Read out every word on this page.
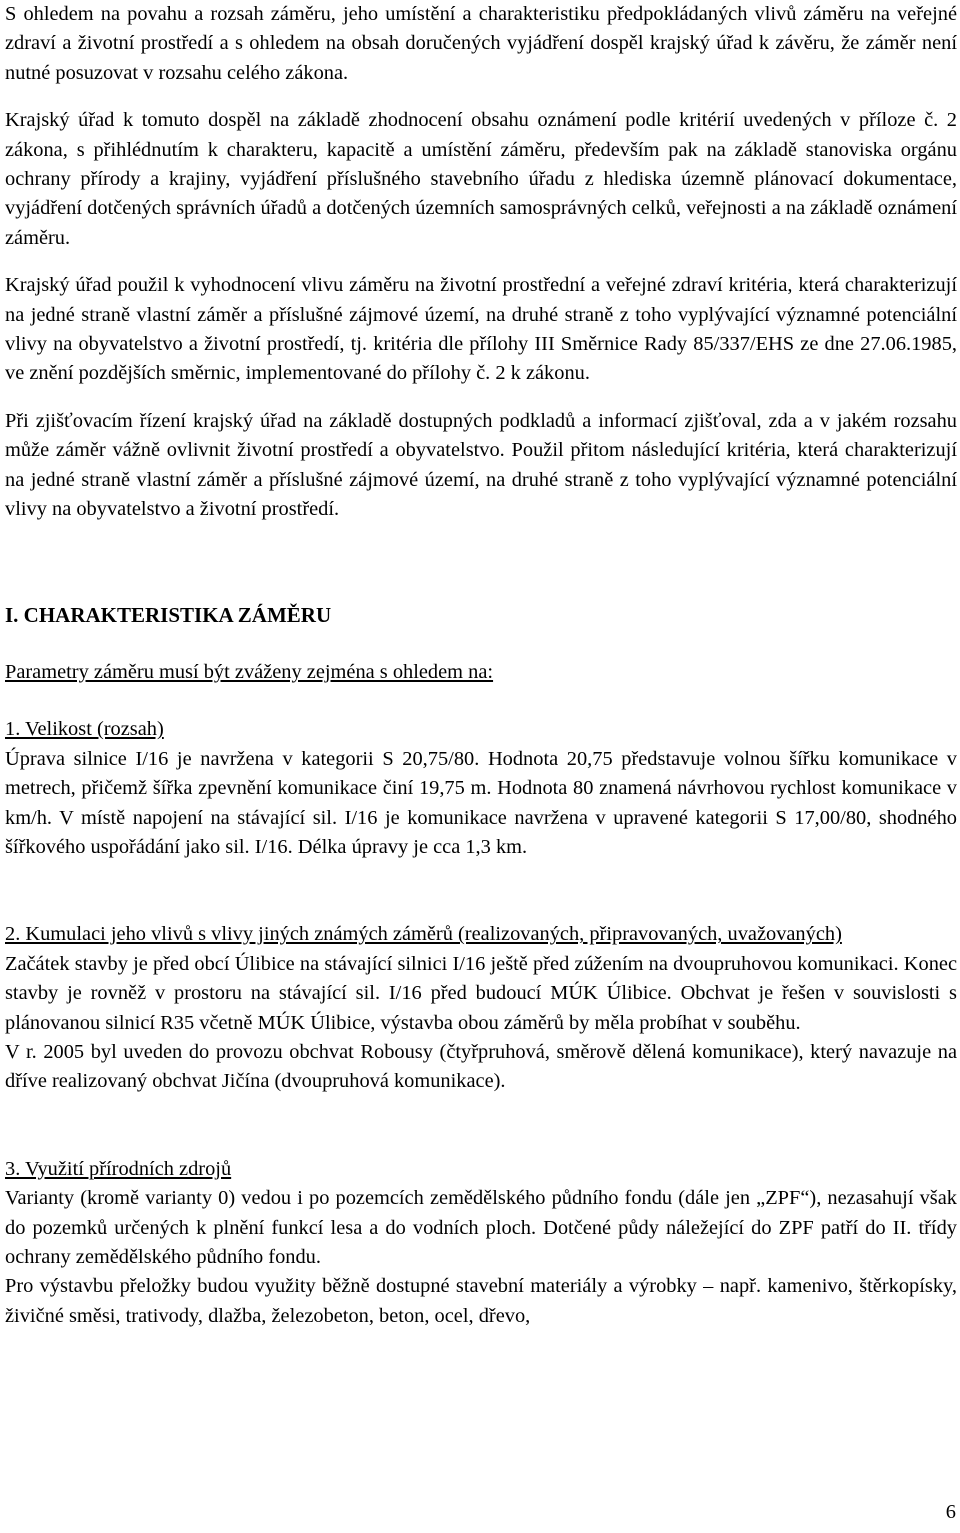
S ohledem na povahu a rozsah záměru, jeho umístění a charakteristiku předpokládaných vlivů záměru na veřejné zdraví a životní prostředí a s ohledem na obsah doručených vyjádření dospěl krajský úřad k závěru, že záměr není nutné posuzovat v rozsahu celého zákona.

Krajský úřad k tomuto dospěl na základě zhodnocení obsahu oznámení podle kritérií uvedených v příloze č. 2 zákona, s přihlédnutím k charakteru, kapacitě a umístění záměru, především pak na základě stanoviska orgánu ochrany přírody a krajiny, vyjádření příslušného stavebního úřadu z hlediska územně plánovací dokumentace, vyjádření dotčených správních úřadů a dotčených územních samosprávných celků, veřejnosti a na základě oznámení záměru.

Krajský úřad použil k vyhodnocení vlivu záměru na životní prostřední a veřejné zdraví kritéria, která charakterizují na jedné straně vlastní záměr a příslušné zájmové území, na druhé straně z toho vyplývající významné potenciální vlivy na obyvatelstvo a životní prostředí, tj. kritéria dle přílohy III Směrnice Rady 85/337/EHS ze dne 27.06.1985, ve znění pozdějších směrnic, implementované do přílohy č. 2 k zákonu.

Při zjišťovacím řízení krajský úřad na základě dostupných podkladů a informací zjišťoval, zda a v jakém rozsahu může záměr vážně ovlivnit životní prostředí a obyvatelstvo. Použil přitom následující kritéria, která charakterizují na jedné straně vlastní záměr a příslušné zájmové území, na druhé straně z toho vyplývající významné potenciální vlivy na obyvatelstvo a životní prostředí.

I. CHARAKTERISTIKA ZÁMĚRU

Parametry záměru musí být zváženy zejména s ohledem na:

1. Velikost (rozsah)

Úprava silnice I/16 je navržena v kategorii S 20,75/80. Hodnota 20,75 představuje volnou šířku komunikace v metrech, přičemž šířka zpevnění komunikace činí 19,75 m. Hodnota 80 znamená návrhovou rychlost komunikace v km/h. V místě napojení na stávající sil. I/16 je komunikace navržena v upravené kategorii S 17,00/80, shodného šířkového uspořádání jako sil. I/16. Délka úpravy je cca 1,3 km.

2. Kumulaci jeho vlivů s vlivy jiných známých záměrů (realizovaných, připravovaných, uvažovaných)

Začátek stavby je před obcí Úlibice na stávající silnici I/16 ještě před zúžením na dvoupruhovou komunikaci. Konec stavby je rovněž v prostoru na stávající sil. I/16 před budoucí MÚK Úlibice. Obchvat je řešen v souvislosti s plánovanou silnicí R35 včetně MÚK Úlibice, výstavba obou záměrů by měla probíhat v souběhu.

V r. 2005 byl uveden do provozu obchvat Robousy (čtyřpruhová, směrově dělená komunikace), který navazuje na dříve realizovaný obchvat Jičína (dvoupruhová komunikace).

3. Využití přírodních zdrojů

Varianty (kromě varianty 0) vedou i po pozemcích zemědělského půdního fondu (dále jen „ZPF“), nezasahují však do pozemků určených k plnění funkcí lesa a do vodních ploch. Dotčené půdy náležející do ZPF patří do II. třídy ochrany zemědělského půdního fondu.

Pro výstavbu přeložky budou využity běžně dostupné stavební materiály a výrobky – např. kamenivo, štěrkopísky, živičné směsi, trativody, dlažba, železobeton, beton, ocel, dřevo,

6
